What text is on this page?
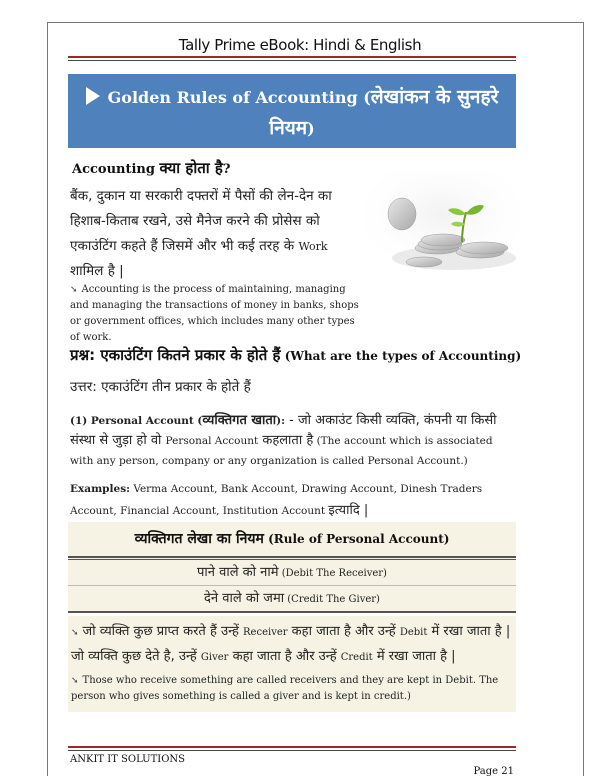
Tally Prime eBook: Hindi & English
Golden Rules of Accounting (लेखांकन के सुनहरे
नियम)
Accounting क्या होता है?
बैंक, दुकान या सरकारी दफ्तरों में पैसों की लेन-देन का हिशाब-किताब रखने, उसे मैनेज करने की प्रोसेस को एकाउंटिंग कहते हैं जिसमें और भी कई तरह के Work शामिल है |
➘ Accounting is the process of maintaining, managing and managing the transactions of money in banks, shops or government offices, which includes many other types of work.
प्रश्न: एकाउंटिंग कितने प्रकार के होते हैं (What are the types of Accounting)
उत्तर: एकाउंटिंग तीन प्रकार के होते हैं
(1) Personal Account (व्यक्तिगत खाता): - जो अकाउंट किसी व्यक्ति, कंपनी या किसी संस्था से जुड़ा हो वो Personal Account कहलाता है (The account which is associated with any person, company or any organization is called Personal Account.)
Examples: Verma Account, Bank Account, Drawing Account, Dinesh Traders Account, Financial Account, Institution Account इत्यादि |
व्यक्तिगत लेखा का नियम (Rule of Personal Account)
पाने वाले को नामे (Debit The Receiver)
देने वाले को जमा (Credit The Giver)
➘ जो व्यक्ति कुछ प्राप्त करते हैं उन्हें Receiver कहा जाता है और उन्हें Debit में रखा जाता है | जो व्यक्ति कुछ देते है, उन्हें Giver कहा जाता है और उन्हें Credit में रखा जाता है |
➘ Those who receive something are called receivers and they are kept in Debit. The person who gives something is called a giver and is kept in credit.)
ANKIT IT SOLUTIONS
Page 21
